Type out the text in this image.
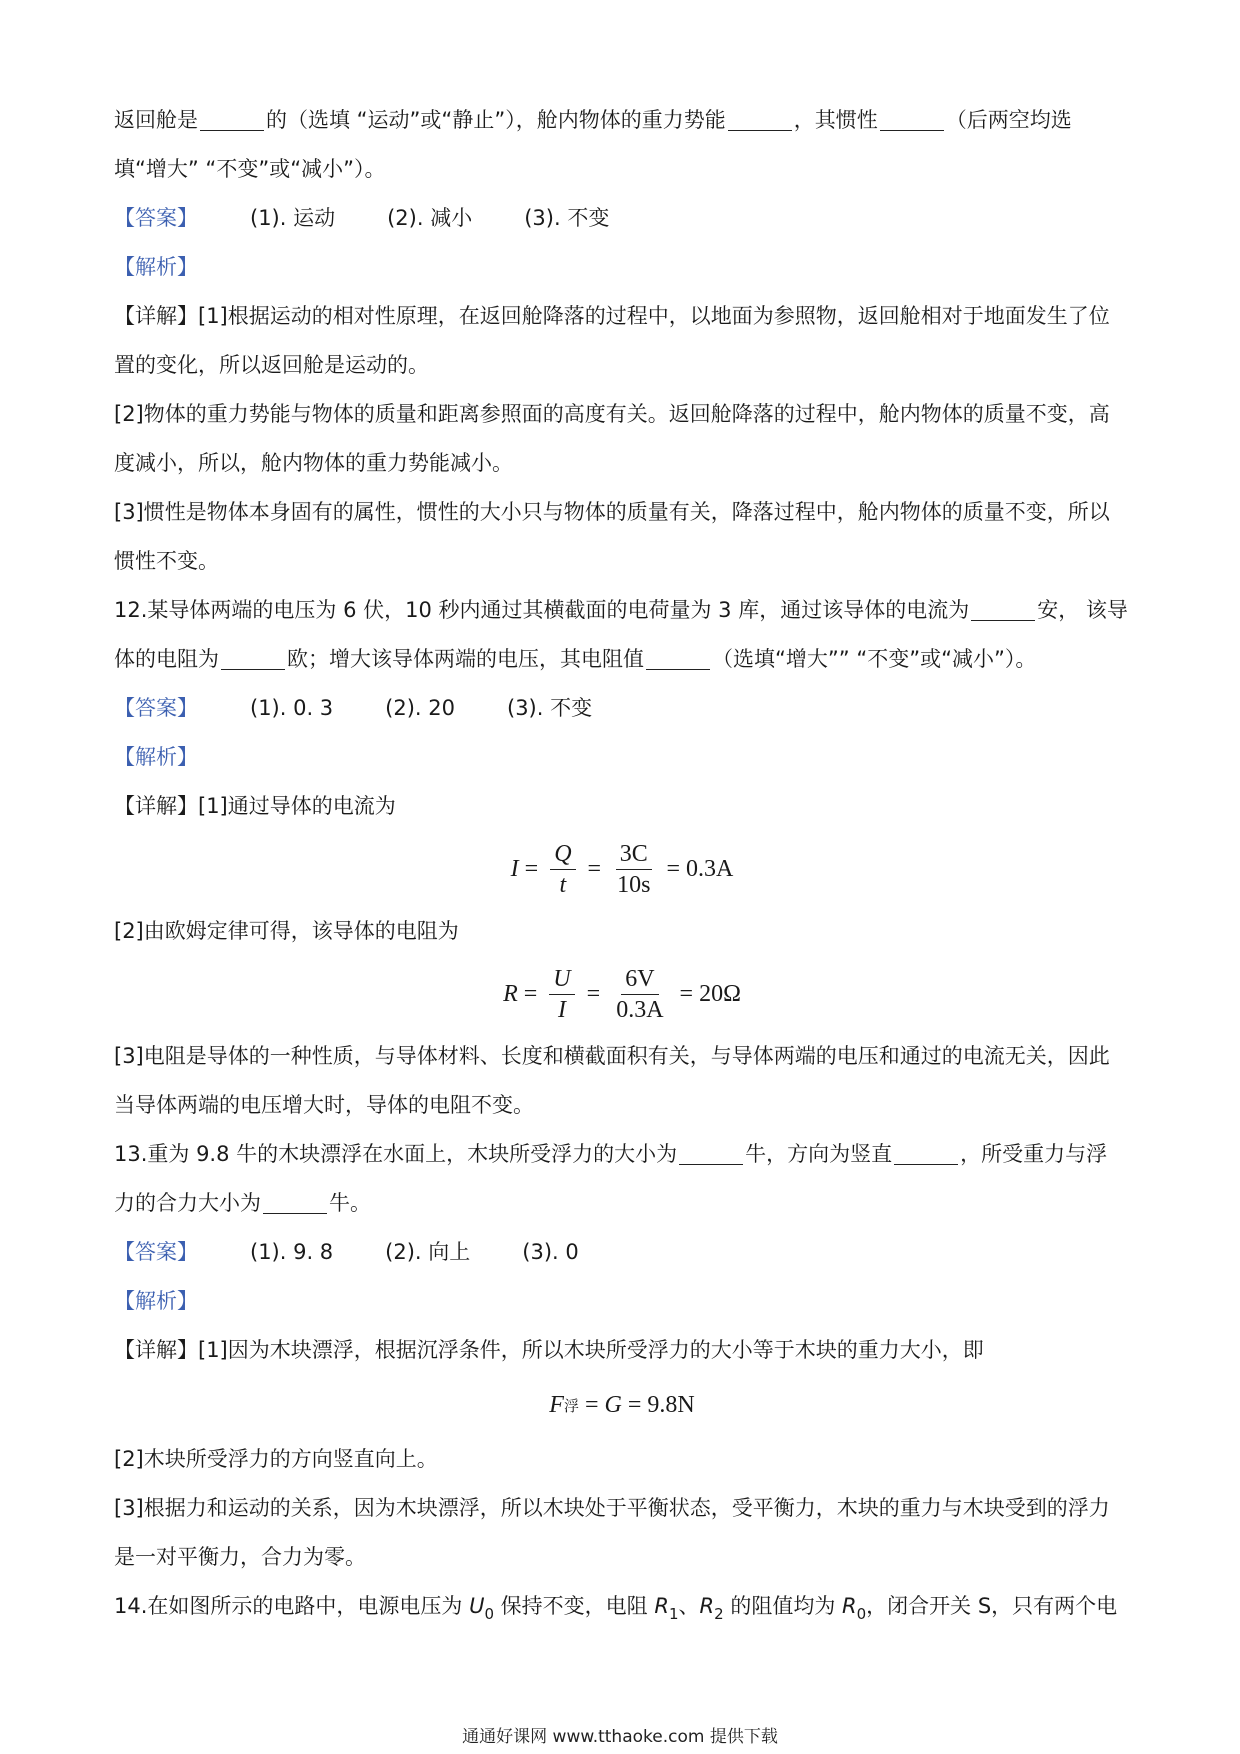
返回舱是	的（选填 “运动”或“静止”），舱内物体的重力势能	，其惯性	（后两空均选
填“增大” “不变”或“减小”）。
【答案】 (1). 运动 (2). 减小 (3). 不变
【解析】
【详解】[1]根据运动的相对性原理，在返回舱降落的过程中，以地面为参照物，返回舱相对于地面发生了位置的变化，所以返回舱是运动的。
[2]物体的重力势能与物体的质量和距离参照面的高度有关。返回舱降落的过程中，舱内物体的质量不变，高度减小，所以，舱内物体的重力势能减小。
[3]惯性是物体本身固有的属性，惯性的大小只与物体的质量有关，降落过程中，舱内物体的质量不变，所以惯性不变。
12.某导体两端的电压为 6 伏，10 秒内通过其横截面的电荷量为 3 库，通过该导体的电流为	安， 该导
体的电阻为	欧；增大该导体两端的电压，其电阻值	（选填“增大”” “不变”或“减小”）。
【答案】 (1). 0. 3 (2). 20 (3). 不变
【解析】
【详解】[1]通过导体的电流为
$I = \frac{Q}{t} = \frac{3C}{10s} = 0.3A$
[2]由欧姆定律可得，该导体的电阻为
$R = \frac{U}{I} = \frac{6V}{0.3A} = 20\Omega$
[3]电阻是导体的一种性质，与导体材料、长度和横截面积有关，与导体两端的电压和通过的电流无关，因此当导体两端的电压增大时，导体的电阻不变。
13.重为 9.8 牛的木块漂浮在水面上，木块所受浮力的大小为	牛，方向为竖直	，所受重力与浮
力的合力大小为	牛。
【答案】 (1). 9. 8 (2). 向上 (3). 0
【解析】
【详解】[1]因为木块漂浮，根据沉浮条件，所以木块所受浮力的大小等于木块的重力大小，即
F 浮 = G = 9.8N
[2]木块所受浮力的方向竖直向上。
[3]根据力和运动的关系，因为木块漂浮，所以木块处于平衡状态，受平衡力，木块的重力与木块受到的浮力是一对平衡力，合力为零。
14.在如图所示的电路中，电源电压为 $U_0$ 保持不变，电阻 $R_1$、$R_2$ 的阻值均为 $R_0$，闭合开关 S，只有两个电
通通好课网 www.tthaoke.com 提供下载
